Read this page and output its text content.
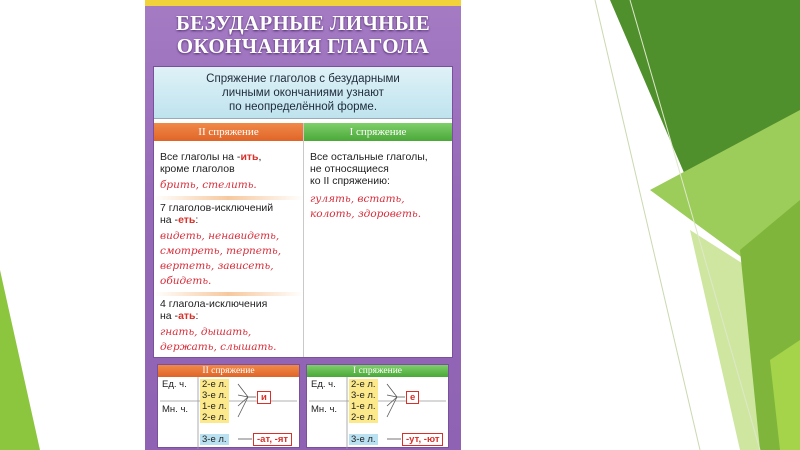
БЕЗУДАРНЫЕ ЛИЧНЫЕ
ОКОНЧАНИЯ ГЛАГОЛА
Спряжение глаголов с безударными
личными окончаниями узнают
по неопределённой форме.
II спряжение
Все глаголы на -ить,
кроме глаголов
брить, стелить.
7 глаголов-исключений
на -еть:
видеть, ненавидеть,
смотреть, терпеть,
вертеть, зависеть,
обидеть.
4 глагола-исключения
на -ать:
гнать, дышать,
держать, слышать.
I спряжение
Все остальные глаголы,
не относящиеся
ко II спряжению:
гулять, встать,
колоть, здороветь.
II спряжение
Ед. ч.
Мн. ч.
2-е л.
3-е л.
1-е л.
2-е л.
3-е л.
и
-ат, -ят
I спряжение
Ед. ч.
Мн. ч.
2-е л.
3-е л.
1-е л.
2-е л.
3-е л.
е
-ут, -ют
